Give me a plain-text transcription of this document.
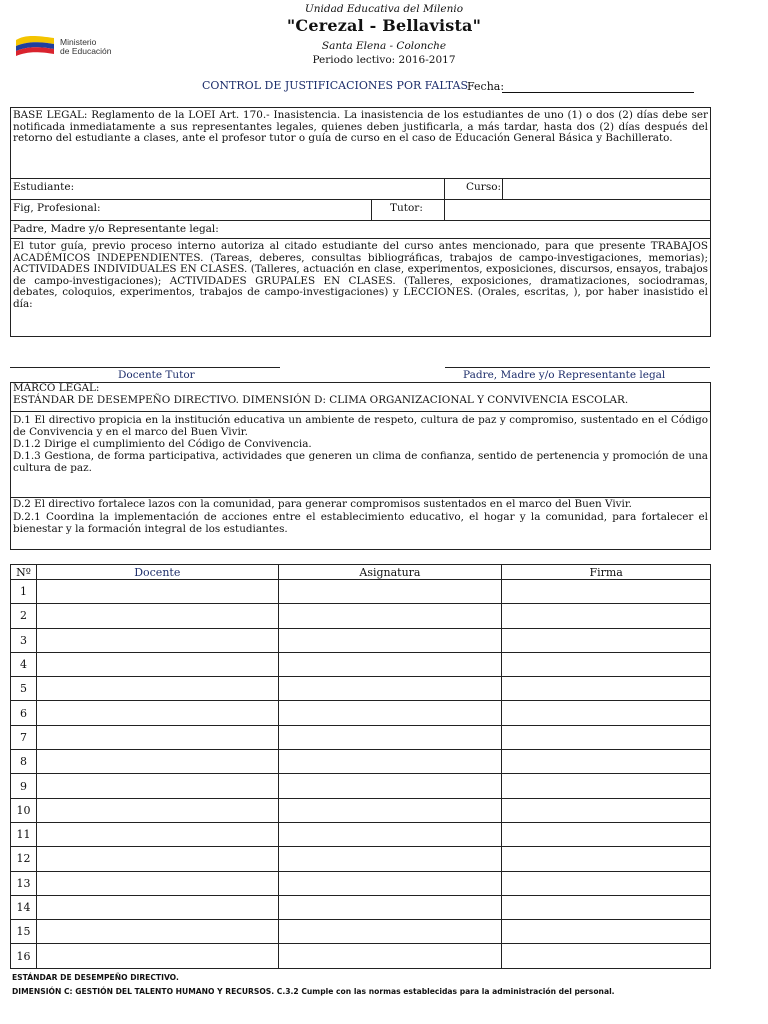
Unidad Educativa del Milenio
"Cerezal - Bellavista"
Santa Elena - Colonche
Periodo lectivo: 2016-2017
Ministerio
de Educación
CONTROL DE JUSTIFICACIONES POR FALTAS Fecha:
BASE LEGAL: Reglamento de la LOEI Art. 170.- Inasistencia. La inasistencia de los estudiantes de uno (1) o dos (2) días debe ser notificada inmediatamente a sus representantes legales, quienes deben justificarla, a más tardar, hasta dos (2) días después del retorno del estudiante a clases, ante el profesor tutor o guía de curso en el caso de Educación General Básica y Bachillerato.
Estudiante:	Curso:
Fig, Profesional:	Tutor:
Padre, Madre y/o Representante legal:
El tutor guía, previo proceso interno autoriza al citado estudiante del curso antes mencionado, para que presente TRABAJOS ACADÉMICOS INDEPENDIENTES. (Tareas, deberes, consultas bibliográficas, trabajos de campo-investigaciones, memorias); ACTIVIDADES INDIVIDUALES EN CLASES. (Talleres, actuación en clase, experimentos, exposiciones, discursos, ensayos, trabajos de campo-investigaciones); ACTIVIDADES GRUPALES EN CLASES. (Talleres, exposiciones, dramatizaciones, sociodramas, debates, coloquios, experimentos, trabajos de campo-investigaciones) y LECCIONES. (Orales, escritas, ), por haber inasistido el día:
Docente Tutor	Padre, Madre y/o Representante legal
MARCO LEGAL:
ESTÁNDAR DE DESEMPEÑO DIRECTIVO. DIMENSIÓN D: CLIMA ORGANIZACIONAL Y CONVIVENCIA ESCOLAR.
D.1 El directivo propicia en la institución educativa un ambiente de respeto, cultura de paz y compromiso, sustentado en el Código de Convivencia y en el marco del Buen Vivir.
D.1.2 Dirige el cumplimiento del Código de Convivencia.
D.1.3 Gestiona, de forma participativa, actividades que generen un clima de confianza, sentido de pertenencia y promoción de una cultura de paz.
D.2 El directivo fortalece lazos con la comunidad, para generar compromisos sustentados en el marco del Buen Vivir.
D.2.1 Coordina la implementación de acciones entre el establecimiento educativo, el hogar y la comunidad, para fortalecer el bienestar y la formación integral de los estudiantes.
Nº	Docente	Asignatura	Firma
1			
2			
3			
4			
5			
6			
7			
8			
9			
10			
11			
12			
13			
14			
15			
16			
ESTÁNDAR DE DESEMPEÑO DIRECTIVO.
DIMENSIÓN C: GESTIÓN DEL TALENTO HUMANO Y RECURSOS. C.3.2 Cumple con las normas establecidas para la administración del personal.
